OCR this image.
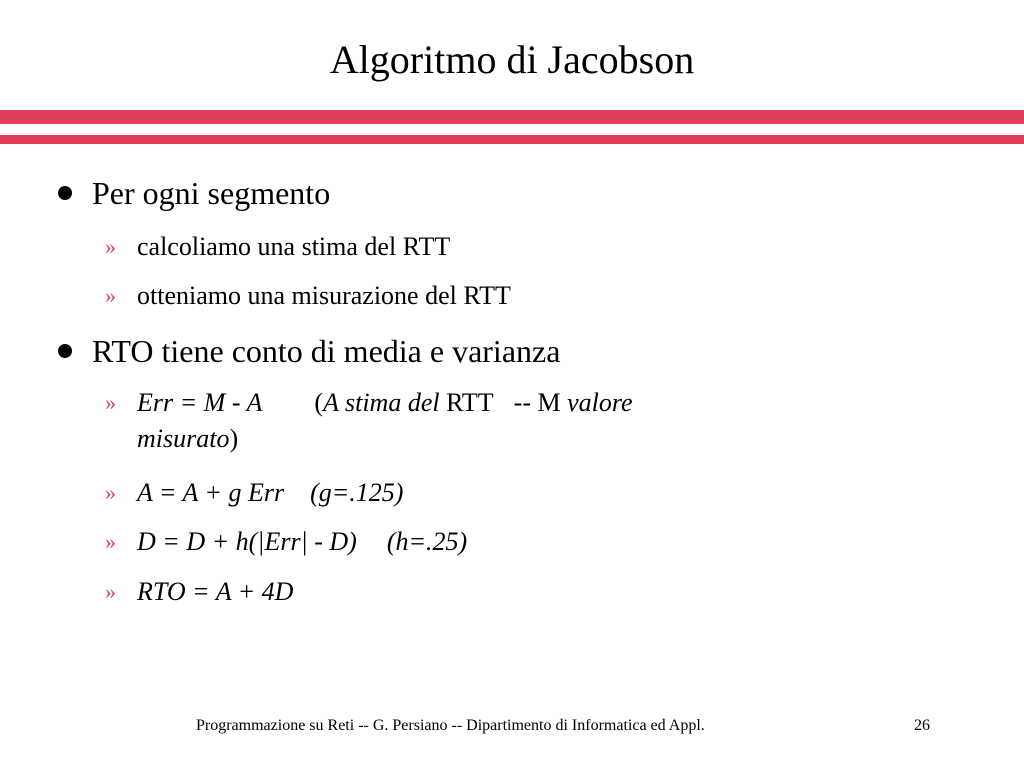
Algoritmo di Jacobson
Per ogni segmento
» calcoliamo una stima del RTT
» otteniamo una misurazione del RTT
RTO tiene conto di media e varianza
» Err = M - A (A stima del RTT -- M valore
misurato)
» A = A + g Err (g=.125)
» D = D + h(|Err| - D) (h=.25)
» RTO = A + 4D
Programmazione su Reti -- G. Persiano -- Dipartimento di Informatica ed Appl.	26
